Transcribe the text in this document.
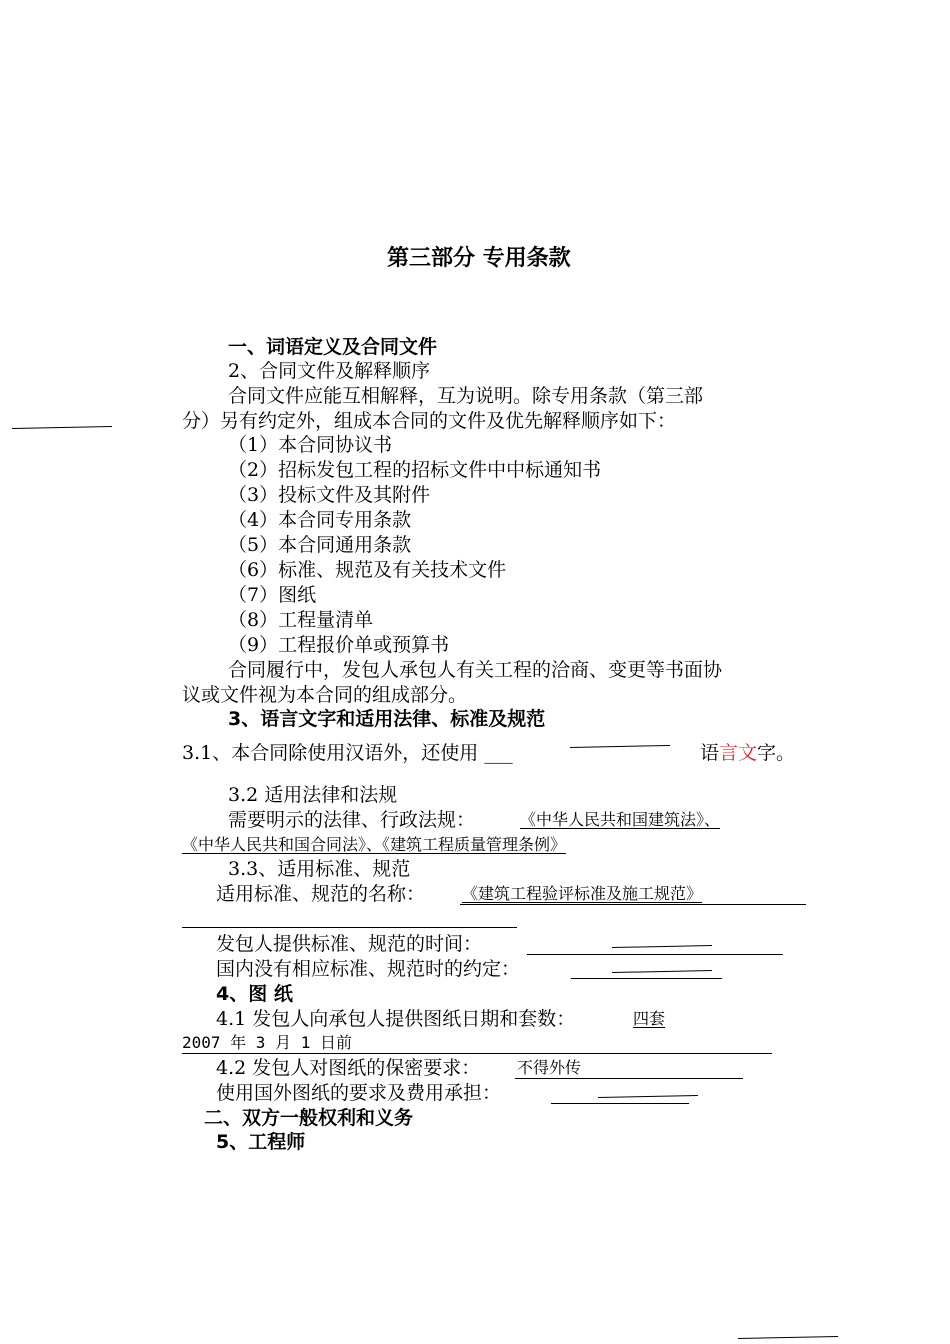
第三部分 专用条款
一、词语定义及合同文件
2、合同文件及解释顺序
合同文件应能互相解释，互为说明。除专用条款（第三部
分）另有约定外，组成本合同的文件及优先解释顺序如下：
（1）本合同协议书
（2）招标发包工程的招标文件中中标通知书
（3）投标文件及其附件
（4）本合同专用条款
（5）本合同通用条款
（6）标准、规范及有关技术文件
（7）图纸
（8）工程量清单
（9）工程报价单或预算书
合同履行中，发包人承包人有关工程的洽商、变更等书面协
议或文件视为本合同的组成部分。
3、语言文字和适用法律、标准及规范
3.1、本合同除使用汉语外，还使用 ___	语言文字。
3.2 适用法律和法规
需要明示的法律、行政法规：	《中华人民共和国建筑法》、
《中华人民共和国合同法》、《建筑工程质量管理条例》
3.3、适用标准、规范
适用标准、规范的名称： 《建筑工程验评标准及施工规范》
发包人提供标准、规范的时间：
国内没有相应标准、规范时的约定：
4、图 纸
4.1 发包人向承包人提供图纸日期和套数：	四套
2007 年 3 月 1 日前
4.2 发包人对图纸的保密要求： 不得外传
使用国外图纸的要求及费用承担：
二、双方一般权利和义务
5、工程师
